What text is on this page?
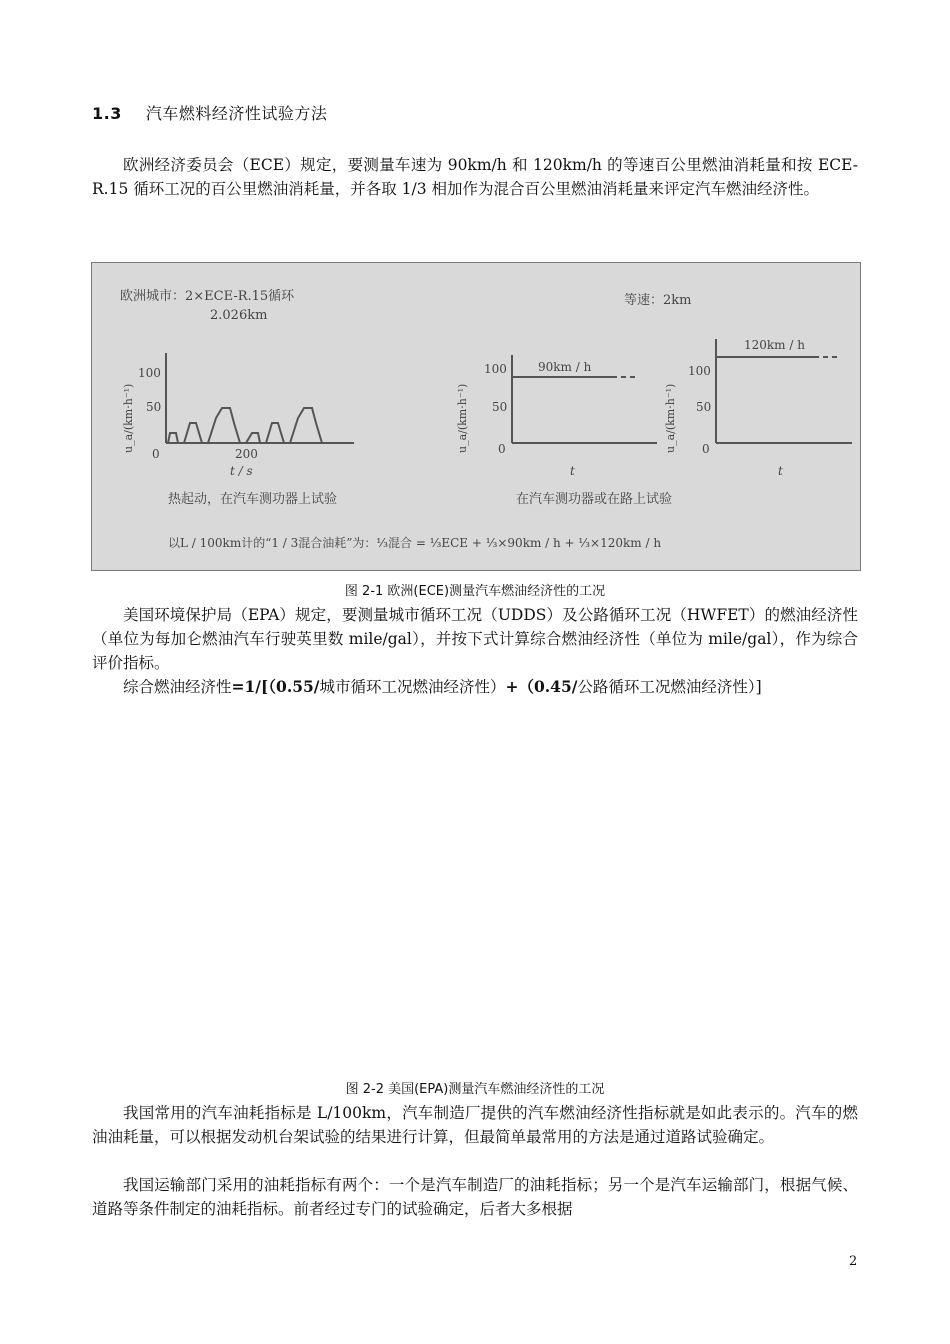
1.3 汽车燃料经济性试验方法

欧洲经济委员会（ECE）规定，要测量车速为 90km/h 和 120km/h 的等速百公里燃油消耗量和按 ECE-R.15 循环工况的百公里燃油消耗量，并各取 1/3 相加作为混合百公里燃油消耗量来评定汽车燃油经济性。

欧洲城市：2×ECE-R.15循环
2.026km
等速：2km
u_a/(km·h⁻¹)
100
50
0	200
t / s
u_a/(km·h⁻¹)
100
50
0
t
90km / h
u_a/(km·h⁻¹)
100
50
0
t
120km / h
热起动，在汽车测功器上试验	在汽车测功器或在路上试验
以L / 100km计的“1 / 3混合油耗”为：⅓混合 = ⅓ECE + ⅓×90km / h + ⅓×120km / h
图 2-1 欧洲(ECE)测量汽车燃油经济性的工况

美国环境保护局（EPA）规定，要测量城市循环工况（UDDS）及公路循环工况（HWFET）的燃油经济性（单位为每加仑燃油汽车行驶英里数 mile/gal），并按下式计算综合燃油经济性（单位为 mile/gal），作为综合评价指标。

综合燃油经济性=1/[（0.55/城市循环工况燃油经济性）+（0.45/公路循环工况燃油经济性）]

图 2-2 美国(EPA)测量汽车燃油经济性的工况

我国常用的汽车油耗指标是 L/100km，汽车制造厂提供的汽车燃油经济性指标就是如此表示的。汽车的燃油油耗量，可以根据发动机台架试验的结果进行计算，但最简单最常用的方法是通过道路试验确定。

我国运输部门采用的油耗指标有两个：一个是汽车制造厂的油耗指标；另一个是汽车运输部门，根据气候、道路等条件制定的油耗指标。前者经过专门的试验确定，后者大多根据

2
